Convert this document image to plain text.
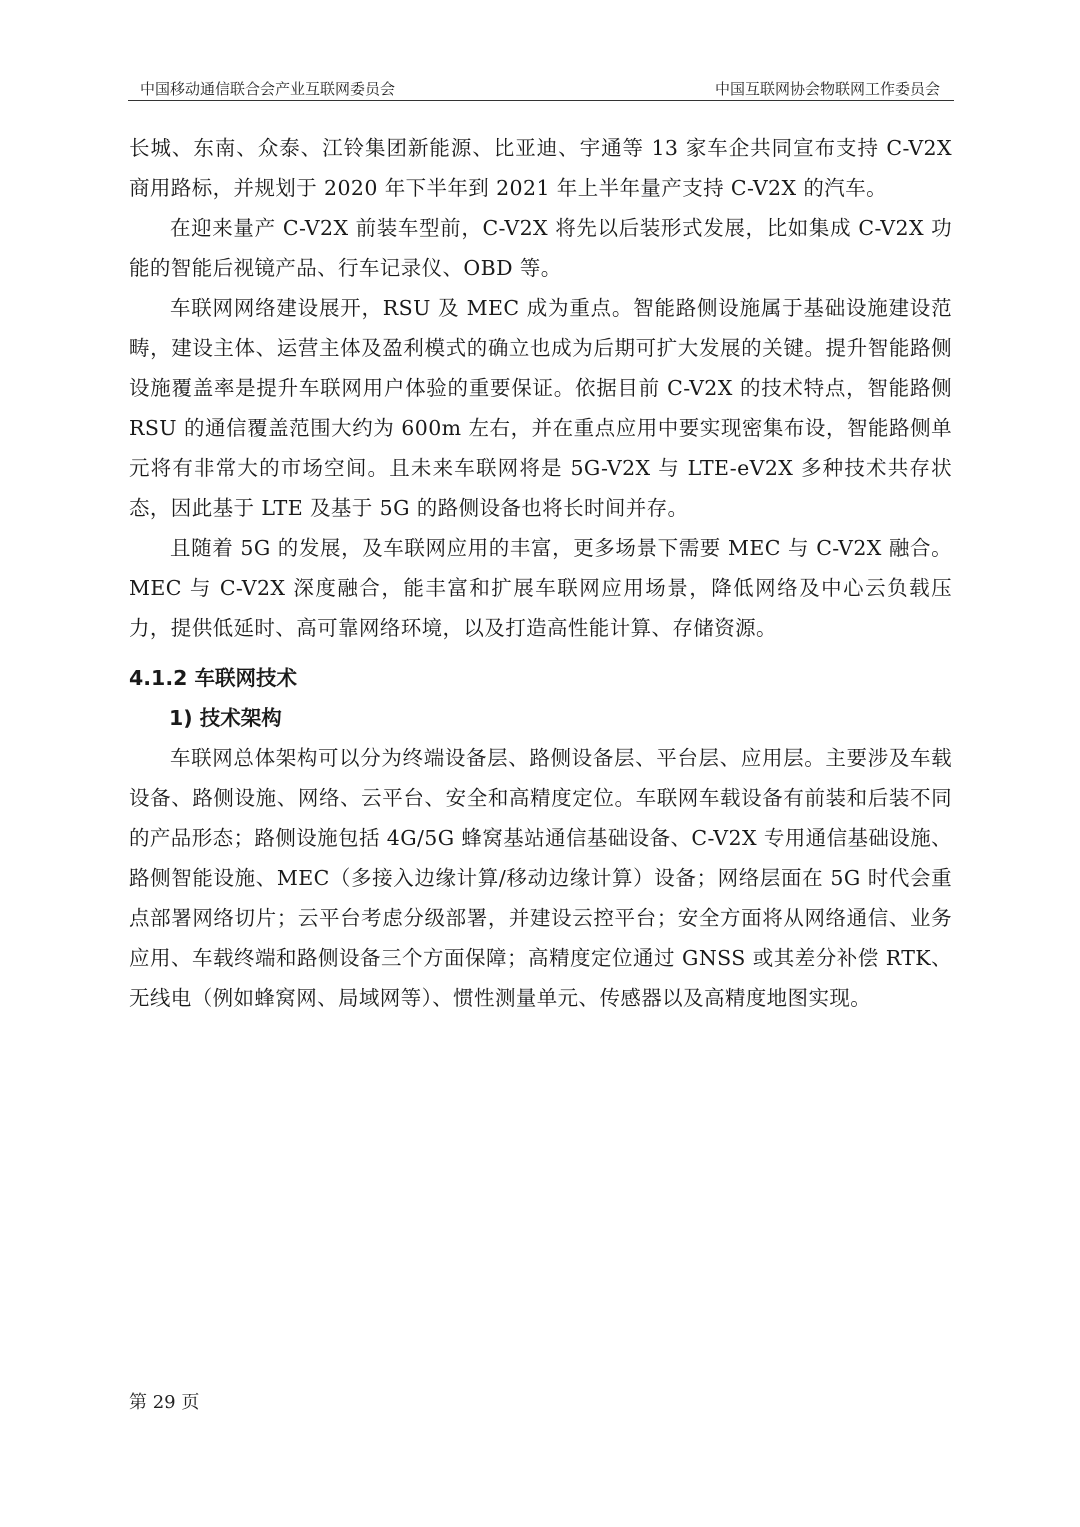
中国移动通信联合会产业互联网委员会	中国互联网协会物联网工作委员会

长城、东南、众泰、江铃集团新能源、比亚迪、宇通等 13 家车企共同宣布支持 C-V2X 商用路标，并规划于 2020 年下半年到 2021 年上半年量产支持 C-V2X 的汽车。

在迎来量产 C-V2X 前装车型前，C-V2X 将先以后装形式发展，比如集成 C-V2X 功能的智能后视镜产品、行车记录仪、OBD 等。

车联网网络建设展开，RSU 及 MEC 成为重点。智能路侧设施属于基础设施建设范畴，建设主体、运营主体及盈利模式的确立也成为后期可扩大发展的关键。提升智能路侧设施覆盖率是提升车联网用户体验的重要保证。依据目前 C-V2X 的技术特点，智能路侧 RSU 的通信覆盖范围大约为 600m 左右，并在重点应用中要实现密集布设，智能路侧单元将有非常大的市场空间。且未来车联网将是 5G-V2X 与 LTE-eV2X 多种技术共存状态，因此基于 LTE 及基于 5G 的路侧设备也将长时间并存。

且随着 5G 的发展，及车联网应用的丰富，更多场景下需要 MEC 与 C-V2X 融合。MEC 与 C-V2X 深度融合，能丰富和扩展车联网应用场景，降低网络及中心云负载压力，提供低延时、高可靠网络环境，以及打造高性能计算、存储资源。

4.1.2 车联网技术
1) 技术架构

车联网总体架构可以分为终端设备层、路侧设备层、平台层、应用层。主要涉及车载设备、路侧设施、网络、云平台、安全和高精度定位。车联网车载设备有前装和后装不同的产品形态；路侧设施包括 4G/5G 蜂窝基站通信基础设备、C-V2X 专用通信基础设施、路侧智能设施、MEC（多接入边缘计算/移动边缘计算）设备；网络层面在 5G 时代会重点部署网络切片；云平台考虑分级部署，并建设云控平台；安全方面将从网络通信、业务应用、车载终端和路侧设备三个方面保障；高精度定位通过 GNSS 或其差分补偿 RTK、无线电（例如蜂窝网、局域网等）、惯性测量单元、传感器以及高精度地图实现。

第 29 页
